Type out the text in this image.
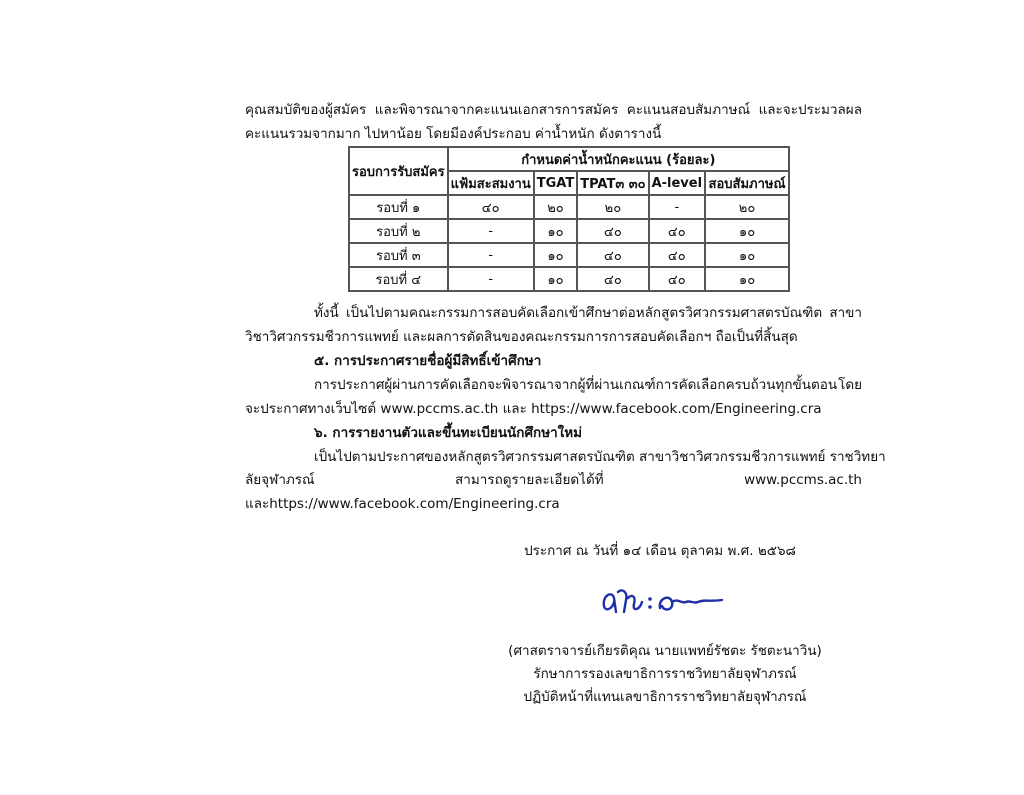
คุณสมบัติของผู้สมัคร และพิจารณาจากคะแนนเอกสารการสมัคร คะแนนสอบสัมภาษณ์ และจะประมวลผล
คะแนนรวมจากมาก ไปหาน้อย โดยมีองค์ประกอบ ค่าน้ำหนัก ดังตารางนี้
รอบการรับสมัคร	กำหนดค่าน้ำหนักคะแนน (ร้อยละ)				
	แฟ้มสะสมงาน	TGAT	TPAT๓ ๓๐	A-level	สอบสัมภาษณ์
รอบที่ ๑	๔๐	๒๐	๒๐	-	๒๐
รอบที่ ๒	-	๑๐	๔๐	๔๐	๑๐
รอบที่ ๓	-	๑๐	๔๐	๔๐	๑๐
รอบที่ ๔	-	๑๐	๔๐	๔๐	๑๐
ทั้งนี้ เป็นไปตามคณะกรรมการสอบคัดเลือกเข้าศึกษาต่อหลักสูตรวิศวกรรมศาสตรบัณฑิต สาขา
วิชาวิศวกรรมชีวการแพทย์ และผลการตัดสินของคณะกรรมการการสอบคัดเลือกฯ ถือเป็นที่สิ้นสุด
๕. การประกาศรายชื่อผู้มีสิทธิ์เข้าศึกษา
การประกาศผู้ผ่านการคัดเลือกจะพิจารณาจากผู้ที่ผ่านเกณฑ์การคัดเลือกครบถ้วนทุกขั้นตอน โดย
จะประกาศทางเว็บไซต์ www.pccms.ac.th และ https://www.facebook.com/Engineering.cra
๖. การรายงานตัวและขึ้นทะเบียนนักศึกษาใหม่
เป็นไปตามประกาศของหลักสูตรวิศวกรรมศาสตรบัณฑิต สาขาวิชาวิศวกรรมชีวการแพทย์ ราชวิทยา
ลัยจุฬาภรณ์	สามารถดูรายละเอียดได้ที่	www.pccms.ac.th
และhttps://www.facebook.com/Engineering.cra
ประกาศ ณ วันที่ ๑๔ เดือน ตุลาคม พ.ศ. ๒๕๖๘
(ศาสตราจารย์เกียรติคุณ นายแพทย์รัชตะ รัชตะนาวิน)
รักษาการรองเลขาธิการราชวิทยาลัยจุฬาภรณ์
ปฏิบัติหน้าที่แทนเลขาธิการราชวิทยาลัยจุฬาภรณ์
